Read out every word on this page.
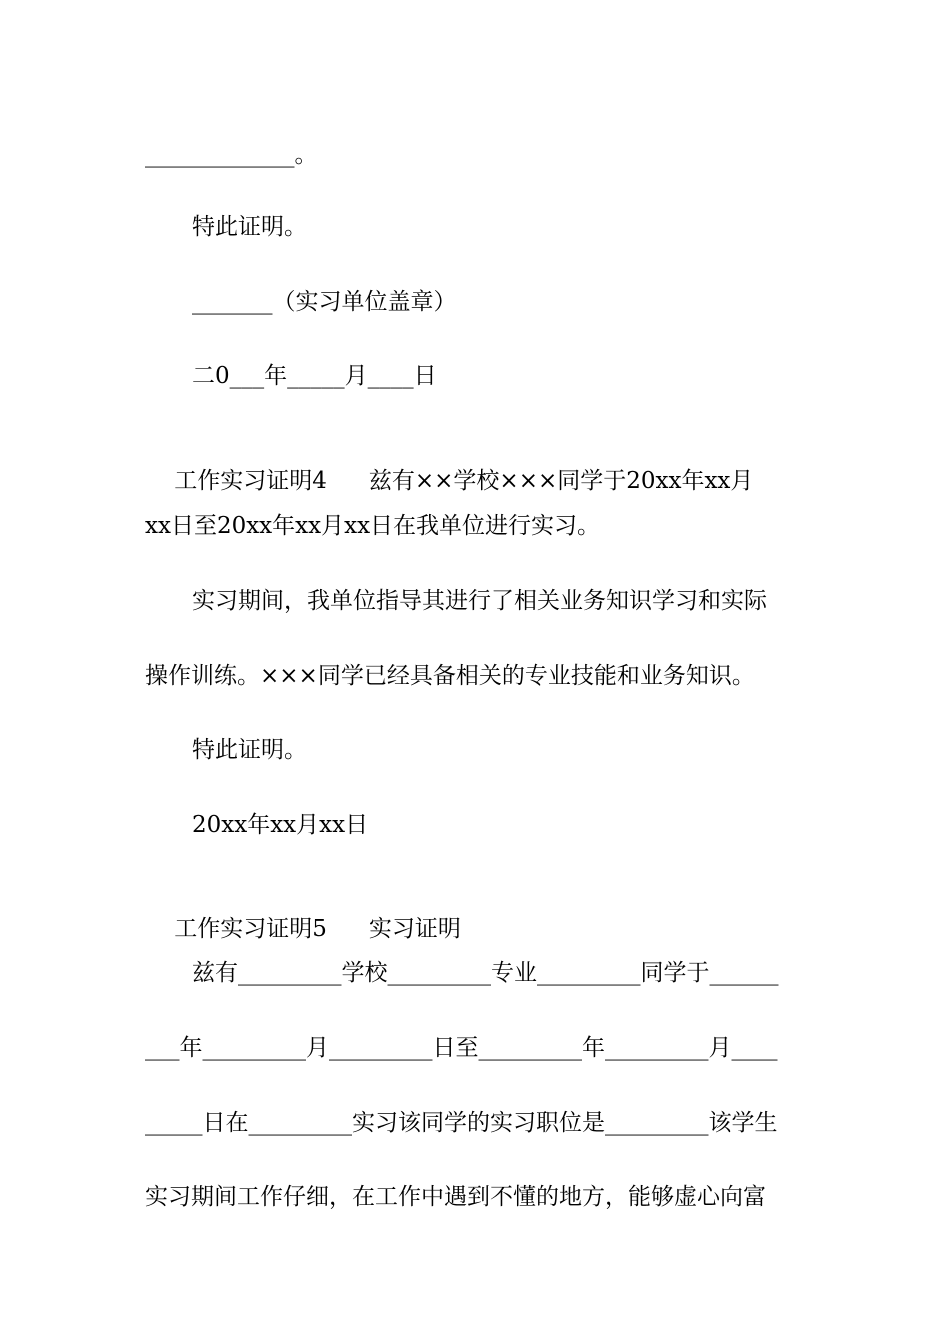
_____________。
特此证明。
_______（实习单位盖章）
二0___年_____月____日

工作实习证明4 兹有××学校×××同学于20xx年xx月

xx日至20xx年xx月xx日在我单位进行实习。
实习期间，我单位指导其进行了相关业务知识学习和实际
操作训练。×××同学已经具备相关的专业技能和业务知识。
特此证明。
20xx年xx月xx日

工作实习证明5 实习证明

兹有_________学校_________专业_________同学于______
___年_________月_________日至_________年_________月____
_____日在_________实习该同学的实习职位是_________该学生
实习期间工作仔细，在工作中遇到不懂的地方，能够虚心向富
